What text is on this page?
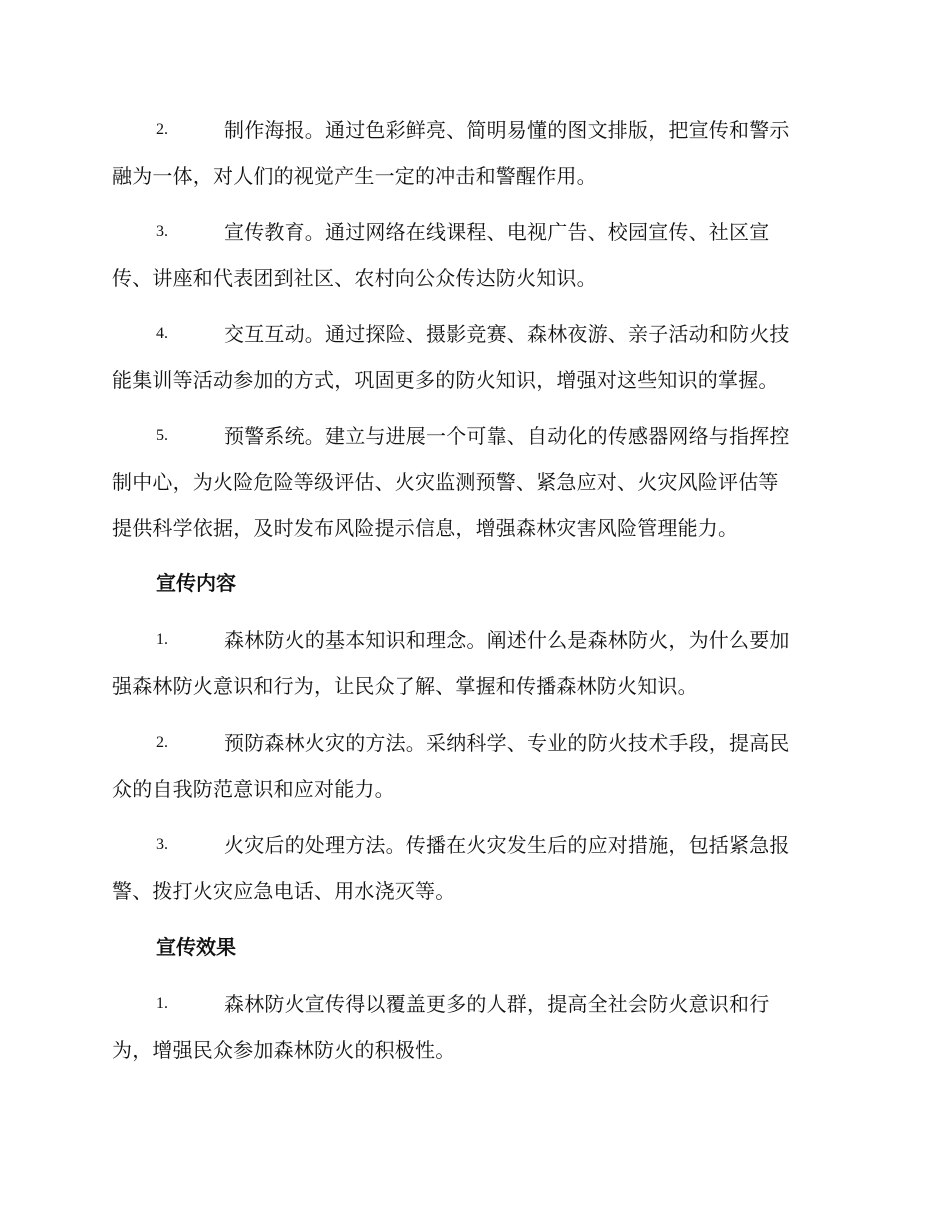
2.	制作海报。通过色彩鲜亮、简明易懂的图文排版，把宣传和警示
融为一体，对人们的视觉产生一定的冲击和警醒作用。
3.	宣传教育。通过网络在线课程、电视广告、校园宣传、社区宣
传、讲座和代表团到社区、农村向公众传达防火知识。
4.	交互互动。通过探险、摄影竞赛、森林夜游、亲子活动和防火技
能集训等活动参加的方式，巩固更多的防火知识，增强对这些知识的掌握。
5.	预警系统。建立与进展一个可靠、自动化的传感器网络与指挥控
制中心，为火险危险等级评估、火灾监测预警、紧急应对、火灾风险评估等
提供科学依据，及时发布风险提示信息，增强森林灾害风险管理能力。
宣传内容
1.	森林防火的基本知识和理念。阐述什么是森林防火，为什么要加
强森林防火意识和行为，让民众了解、掌握和传播森林防火知识。
2.	预防森林火灾的方法。采纳科学、专业的防火技术手段，提高民
众的自我防范意识和应对能力。
3.	火灾后的处理方法。传播在火灾发生后的应对措施，包括紧急报
警、拨打火灾应急电话、用水浇灭等。
宣传效果
1.	森林防火宣传得以覆盖更多的人群，提高全社会防火意识和行
为，增强民众参加森林防火的积极性。
